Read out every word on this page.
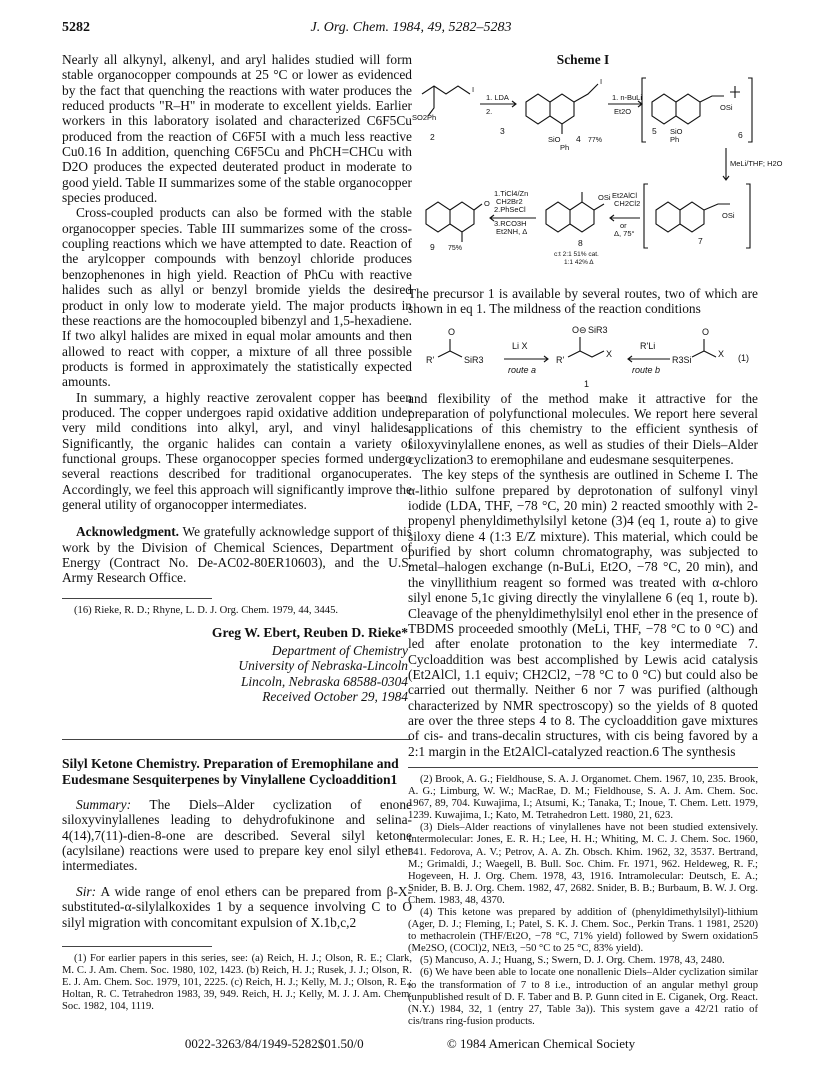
5282	J. Org. Chem. 1984, 49, 5282–5283

Nearly all alkynyl, alkenyl, and aryl halides studied will form stable organocopper compounds at 25 °C or lower as evidenced by the fact that quenching the reactions with water produces the reduced products "R–H" in moderate to excellent yields. Earlier workers in this laboratory isolated and characterized C6F5Cu produced from the reaction of C6F5I with a much less reactive Cu0.16 In addition, quenching C6F5Cu and PhCH=CHCu with D2O produces the expected deuterated product in moderate to good yield. Table II summarizes some of the stable organocopper species produced.

Cross-coupled products can also be formed with the stable organocopper species. Table III summarizes some of the cross-coupling reactions which we have attempted to date. Reaction of the arylcopper compounds with benzoyl chloride produces benzophenones in high yield. Reaction of PhCu with reactive halides such as allyl or benzyl bromide yields the desired product in only low to moderate yield. The major products in these reactions are the homocoupled bibenzyl and 1,5-hexadiene. If two alkyl halides are mixed in equal molar amounts and then allowed to react with copper, a mixture of all three possible products is formed in approximately the statistically expected amounts.

In summary, a highly reactive zerovalent copper has been produced. The copper undergoes rapid oxidative addition under very mild conditions into alkyl, aryl, and vinyl halides. Significantly, the organic halides can contain a variety of functional groups. These organocopper species formed undergo several reactions described for traditional organocuperates. Accordingly, we feel this approach will significantly improve the general utility of organocopper intermediates.

Acknowledgment. We gratefully acknowledge support of this work by the Division of Chemical Sciences, Department of Energy (Contract No. De-AC02-80ER10603), and the U.S. Army Research Office.

(16) Rieke, R. D.; Rhyne, L. D. J. Org. Chem. 1979, 44, 3445.

Greg W. Ebert, Reuben D. Rieke*
Department of Chemistry
University of Nebraska-Lincoln
Lincoln, Nebraska 68588-0304
Received October 29, 1984
Silyl Ketone Chemistry. Preparation of Eremophilane and Eudesmane Sesquiterpenes by Vinylallene Cycloaddition1

Summary: The Diels–Alder cyclization of enone siloxyvinylallenes leading to dehydrofukinone and selina-4(14),7(11)-dien-8-one are described. Several silyl ketone (acylsilane) reactions were used to prepare key enol silyl ether intermediates.

Sir: A wide range of enol ethers can be prepared from β-X-substituted-α-silylalkoxides 1 by a sequence involving C to O silyl migration with concomitant expulsion of X.1b,c,2

(1) For earlier papers in this series, see: (a) Reich, H. J.; Olson, R. E.; Clark, M. C. J. Am. Chem. Soc. 1980, 102, 1423. (b) Reich, H. J.; Rusek, J. J.; Olson, R. E. J. Am. Chem. Soc. 1979, 101, 2225. (c) Reich, H. J.; Kelly, M. J.; Olson, R. E.; Holtan, R. C. Tetrahedron 1983, 39, 949. Reich, H. J.; Kelly, M. J. J. Am. Chem. Soc. 1982, 104, 1119.

Scheme I
SO2Ph
I
1. LDA
2.
I
SiO
Ph
1. n-BuLi
Et2O	OSi
SiO
Ph
MeLi/THF; H2O
OSi
Et2AlCl
CH2Cl2
or
Δ, 75°
OSi
1.TiCl4/Zn
CH2Br2
2.PhSeCl
3.RCO3H
Et2NH, Δ
O
2
3
4 77%
5	6
7
8
c:t 2:1 51% cat.
1:1 42% Δ
9 75%

The precursor 1 is available by several routes, two of which are shown in eq 1. The mildness of the reaction conditions

R'
O
SiR3
Li X
route a
R'
O⊖ SiR3
X
1
R'Li
route b
R3Si
O
X (1)

and flexibility of the method make it attractive for the preparation of polyfunctional molecules. We report here several applications of this chemistry to the efficient synthesis of siloxyvinylallene enones, as well as studies of their Diels–Alder cyclization3 to eremophilane and eudesmane sesquiterpenes.

The key steps of the synthesis are outlined in Scheme I. The α-lithio sulfone prepared by deprotonation of sulfonyl vinyl iodide (LDA, THF, −78 °C, 20 min) 2 reacted smoothly with 2-propenyl phenyldimethylsilyl ketone (3)4 (eq 1, route a) to give siloxy diene 4 (1:3 E/Z mixture). This material, which could be purified by short column chromatography, was subjected to metal–halogen exchange (n-BuLi, Et2O, −78 °C, 20 min), and the vinyllithium reagent so formed was treated with α-chloro silyl enone 5,1c giving directly the vinylallene 6 (eq 1, route b). Cleavage of the phenyldimethylsilyl enol ether in the presence of TBDMS proceeded smoothly (MeLi, THF, −78 °C to 0 °C) and led after enolate protonation to the key intermediate 7. Cycloaddition was best accomplished by Lewis acid catalysis (Et2AlCl, 1.1 equiv; CH2Cl2, −78 °C to 0 °C) but could also be carried out thermally. Neither 6 nor 7 was purified (although characterized by NMR spectroscopy) so the yields of 8 quoted are over the three steps 4 to 8. The cycloaddition gave mixtures of cis- and trans-decalin structures, with cis being favored by a 2:1 margin in the Et2AlCl-catalyzed reaction.6 The synthesis

(2) Brook, A. G.; Fieldhouse, S. A. J. Organomet. Chem. 1967, 10, 235. Brook, A. G.; Limburg, W. W.; MacRae, D. M.; Fieldhouse, S. A. J. Am. Chem. Soc. 1967, 89, 704. Kuwajima, I.; Atsumi, K.; Tanaka, T.; Inoue, T. Chem. Lett. 1979, 1239. Kuwajima, I.; Kato, M. Tetrahedron Lett. 1980, 21, 623.

(3) Diels–Alder reactions of vinylallenes have not been studied extensively. Intermolecular: Jones, E. R. H.; Lee, H. H.; Whiting, M. C. J. Chem. Soc. 1960, 341. Fedorova, A. V.; Petrov, A. A. Zh. Obsch. Khim. 1962, 32, 3537. Bertrand, M.; Grimaldi, J.; Waegell, B. Bull. Soc. Chim. Fr. 1971, 962. Heldeweg, R. F.; Hogeveen, H. J. Org. Chem. 1978, 43, 1916. Intramolecular: Deutsch, E. A.; Snider, B. B. J. Org. Chem. 1982, 47, 2682. Snider, B. B.; Burbaum, B. W. J. Org. Chem. 1983, 48, 4370.

(4) This ketone was prepared by addition of (phenyldimethylsilyl)-lithium (Ager, D. J.; Fleming, I.; Patel, S. K. J. Chem. Soc., Perkin Trans. 1 1981, 2520) to methacrolein (THF/Et2O, −78 °C, 71% yield) followed by Swern oxidation5 (Me2SO, (COCl)2, NEt3, −50 °C to 25 °C, 83% yield).

(5) Mancuso, A. J.; Huang, S.; Swern, D. J. Org. Chem. 1978, 43, 2480.

(6) We have been able to locate one nonallenic Diels–Alder cyclization similar to the transformation of 7 to 8 i.e., introduction of an angular methyl group (unpublished result of D. F. Taber and B. P. Gunn cited in E. Ciganek, Org. React. (N.Y.) 1984, 32, 1 (entry 27, Table 3a)). This system gave a 42/21 ratio of cis/trans ring-fusion products.

0022-3263/84/1949-5282$01.50/0	© 1984 American Chemical Society
